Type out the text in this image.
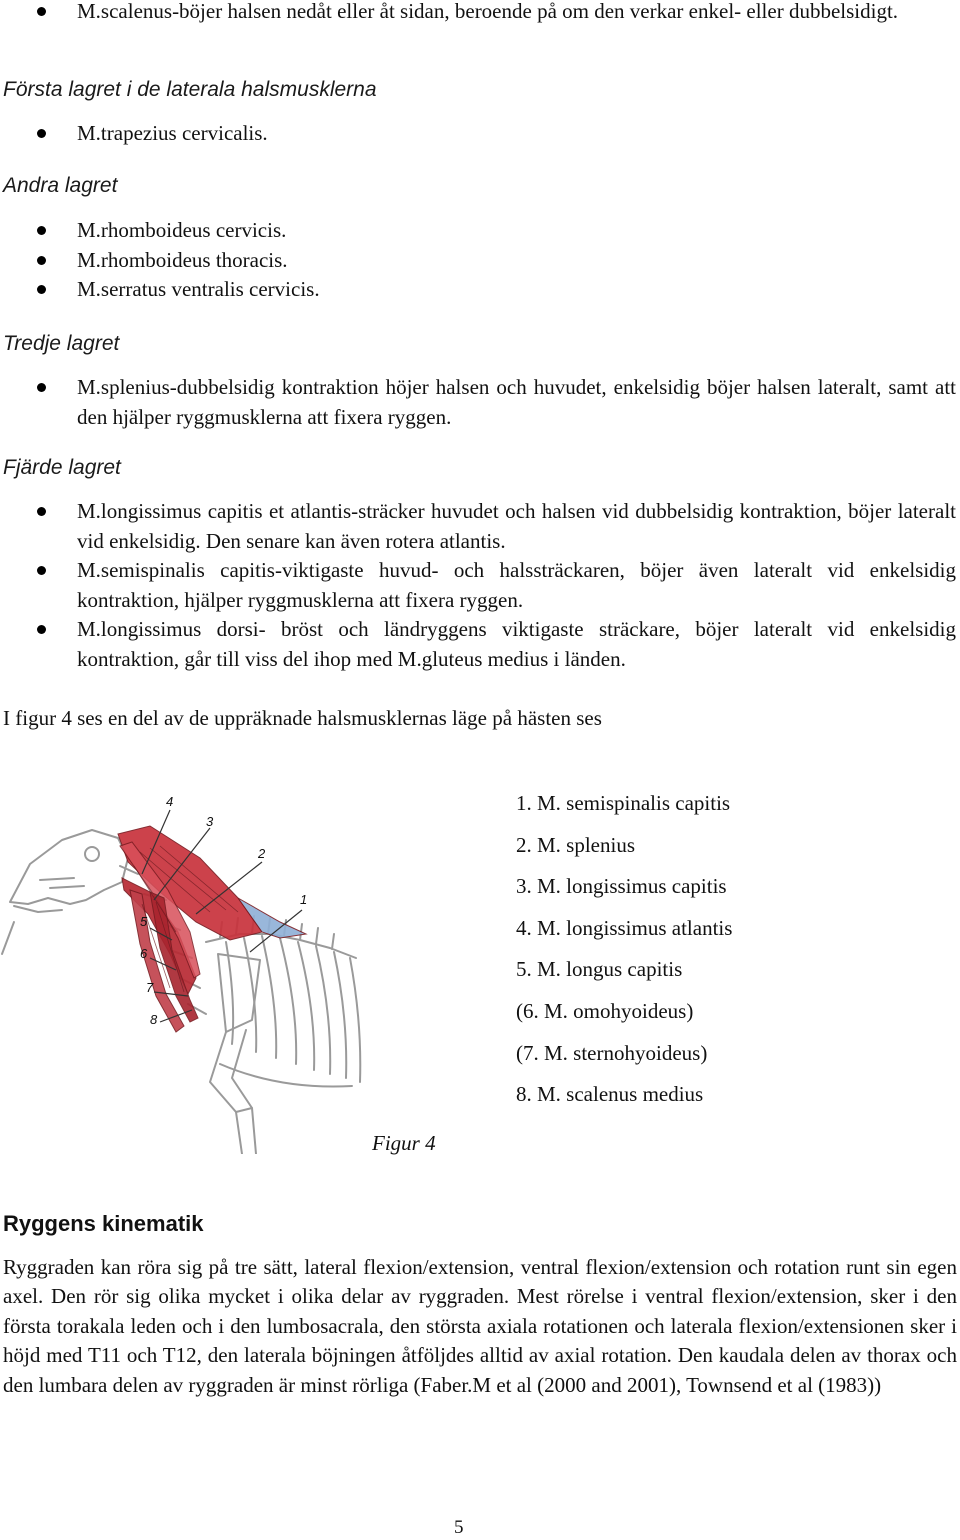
M.scalenus-böjer halsen nedåt eller åt sidan, beroende på om den verkar enkel- eller dubbelsidigt.
Första lagret i de laterala halsmusklerna
M.trapezius cervicalis.
Andra lagret
M.rhomboideus cervicis.
M.rhomboideus thoracis.
M.serratus ventralis cervicis.
Tredje lagret
M.splenius-dubbelsidig kontraktion höjer halsen och huvudet, enkelsidig böjer halsen lateralt, samt att den hjälper ryggmusklerna att fixera ryggen.
Fjärde lagret
M.longissimus capitis et atlantis-sträcker huvudet och halsen vid dubbelsidig kontraktion, böjer lateralt vid enkelsidig. Den senare kan även rotera atlantis.
M.semispinalis capitis-viktigaste huvud- och halssträckaren, böjer även lateralt vid enkelsidig kontraktion, hjälper ryggmusklerna att fixera ryggen.
M.longissimus dorsi- bröst och ländryggens viktigaste sträckare, böjer lateralt vid enkelsidig kontraktion, går till viss del ihop med M.gluteus medius i länden.
I figur 4 ses en del av de uppräknade halsmusklernas läge på hästen ses
1
2
3
4
5
6
7
8
Figur 4
1. M. semispinalis capitis
2. M. splenius
3. M. longissimus capitis
4. M. longissimus atlantis
5. M. longus capitis
(6. M. omohyoideus)
(7. M. sternohyoideus)
8. M. scalenus medius
Ryggens kinematik

Ryggraden kan röra sig på tre sätt, lateral flexion/extension, ventral flexion/extension och rotation runt sin egen axel. Den rör sig olika mycket i olika delar av ryggraden. Mest rörelse i ventral flexion/extension, sker i den första torakala leden och i den lumbosacrala, den största axiala rotationen och laterala flexion/extensionen sker i höjd med T11 och T12, den laterala böjningen åtföljdes alltid av axial rotation. Den kaudala delen av thorax och den lumbara delen av ryggraden är minst rörliga (Faber.M et al (2000 and 2001), Townsend et al (1983))

5
